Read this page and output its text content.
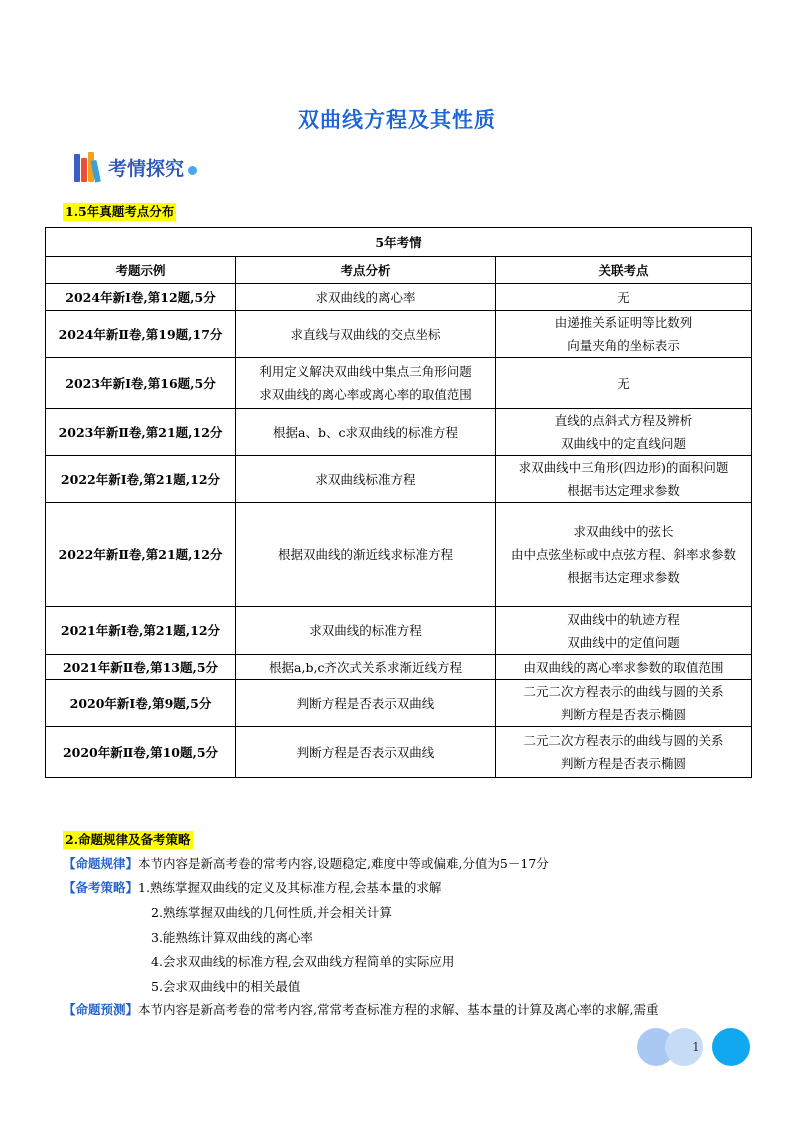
双曲线方程及其性质
考情探究
1.5年真题考点分布
5年考情		
考题示例	考点分析	关联考点
2024年新Ⅰ卷,第12题,5分	求双曲线的离心率	无

2024年新Ⅱ卷,第19题,17分	求直线与双曲线的交点坐标	由递推关系证明等比数列
向量夹角的坐标表示

2023年新Ⅰ卷,第16题,5分	利用定义解决双曲线中集点三角形问题
求双曲线的离心率或离心率的取值范围	无

2023年新Ⅱ卷,第21题,12分	根据a、b、c求双曲线的标准方程	直线的点斜式方程及辨析
双曲线中的定直线问题

2022年新Ⅰ卷,第21题,12分	求双曲线标准方程	求双曲线中三角形(四边形)的面积问题
根据韦达定理求参数

2022年新Ⅱ卷,第21题,12分	根据双曲线的渐近线求标准方程	求双曲线中的弦长
由中点弦坐标或中点弦方程、斜率求参数
根据韦达定理求参数

2021年新Ⅰ卷,第21题,12分	求双曲线的标准方程	双曲线中的轨迹方程
双曲线中的定值问题

2021年新Ⅱ卷,第13题,5分	根据a,b,c齐次式关系求渐近线方程	由双曲线的离心率求参数的取值范围

2020年新Ⅰ卷,第9题,5分	判断方程是否表示双曲线	二元二次方程表示的曲线与圆的关系
判断方程是否表示椭圆

2020年新Ⅱ卷,第10题,5分	判断方程是否表示双曲线	二元二次方程表示的曲线与圆的关系
判断方程是否表示椭圆
2.命题规律及备考策略
【命题规律】本节内容是新高考卷的常考内容,设题稳定,难度中等或偏难,分值为5－17分
【备考策略】1.熟练掌握双曲线的定义及其标准方程,会基本量的求解
2.熟练掌握双曲线的几何性质,并会相关计算
3.能熟练计算双曲线的离心率
4.会求双曲线的标准方程,会双曲线方程简单的实际应用
5.会求双曲线中的相关最值
【命题预测】本节内容是新高考卷的常考内容,常常考查标准方程的求解、基本量的计算及离心率的求解,需重
1
